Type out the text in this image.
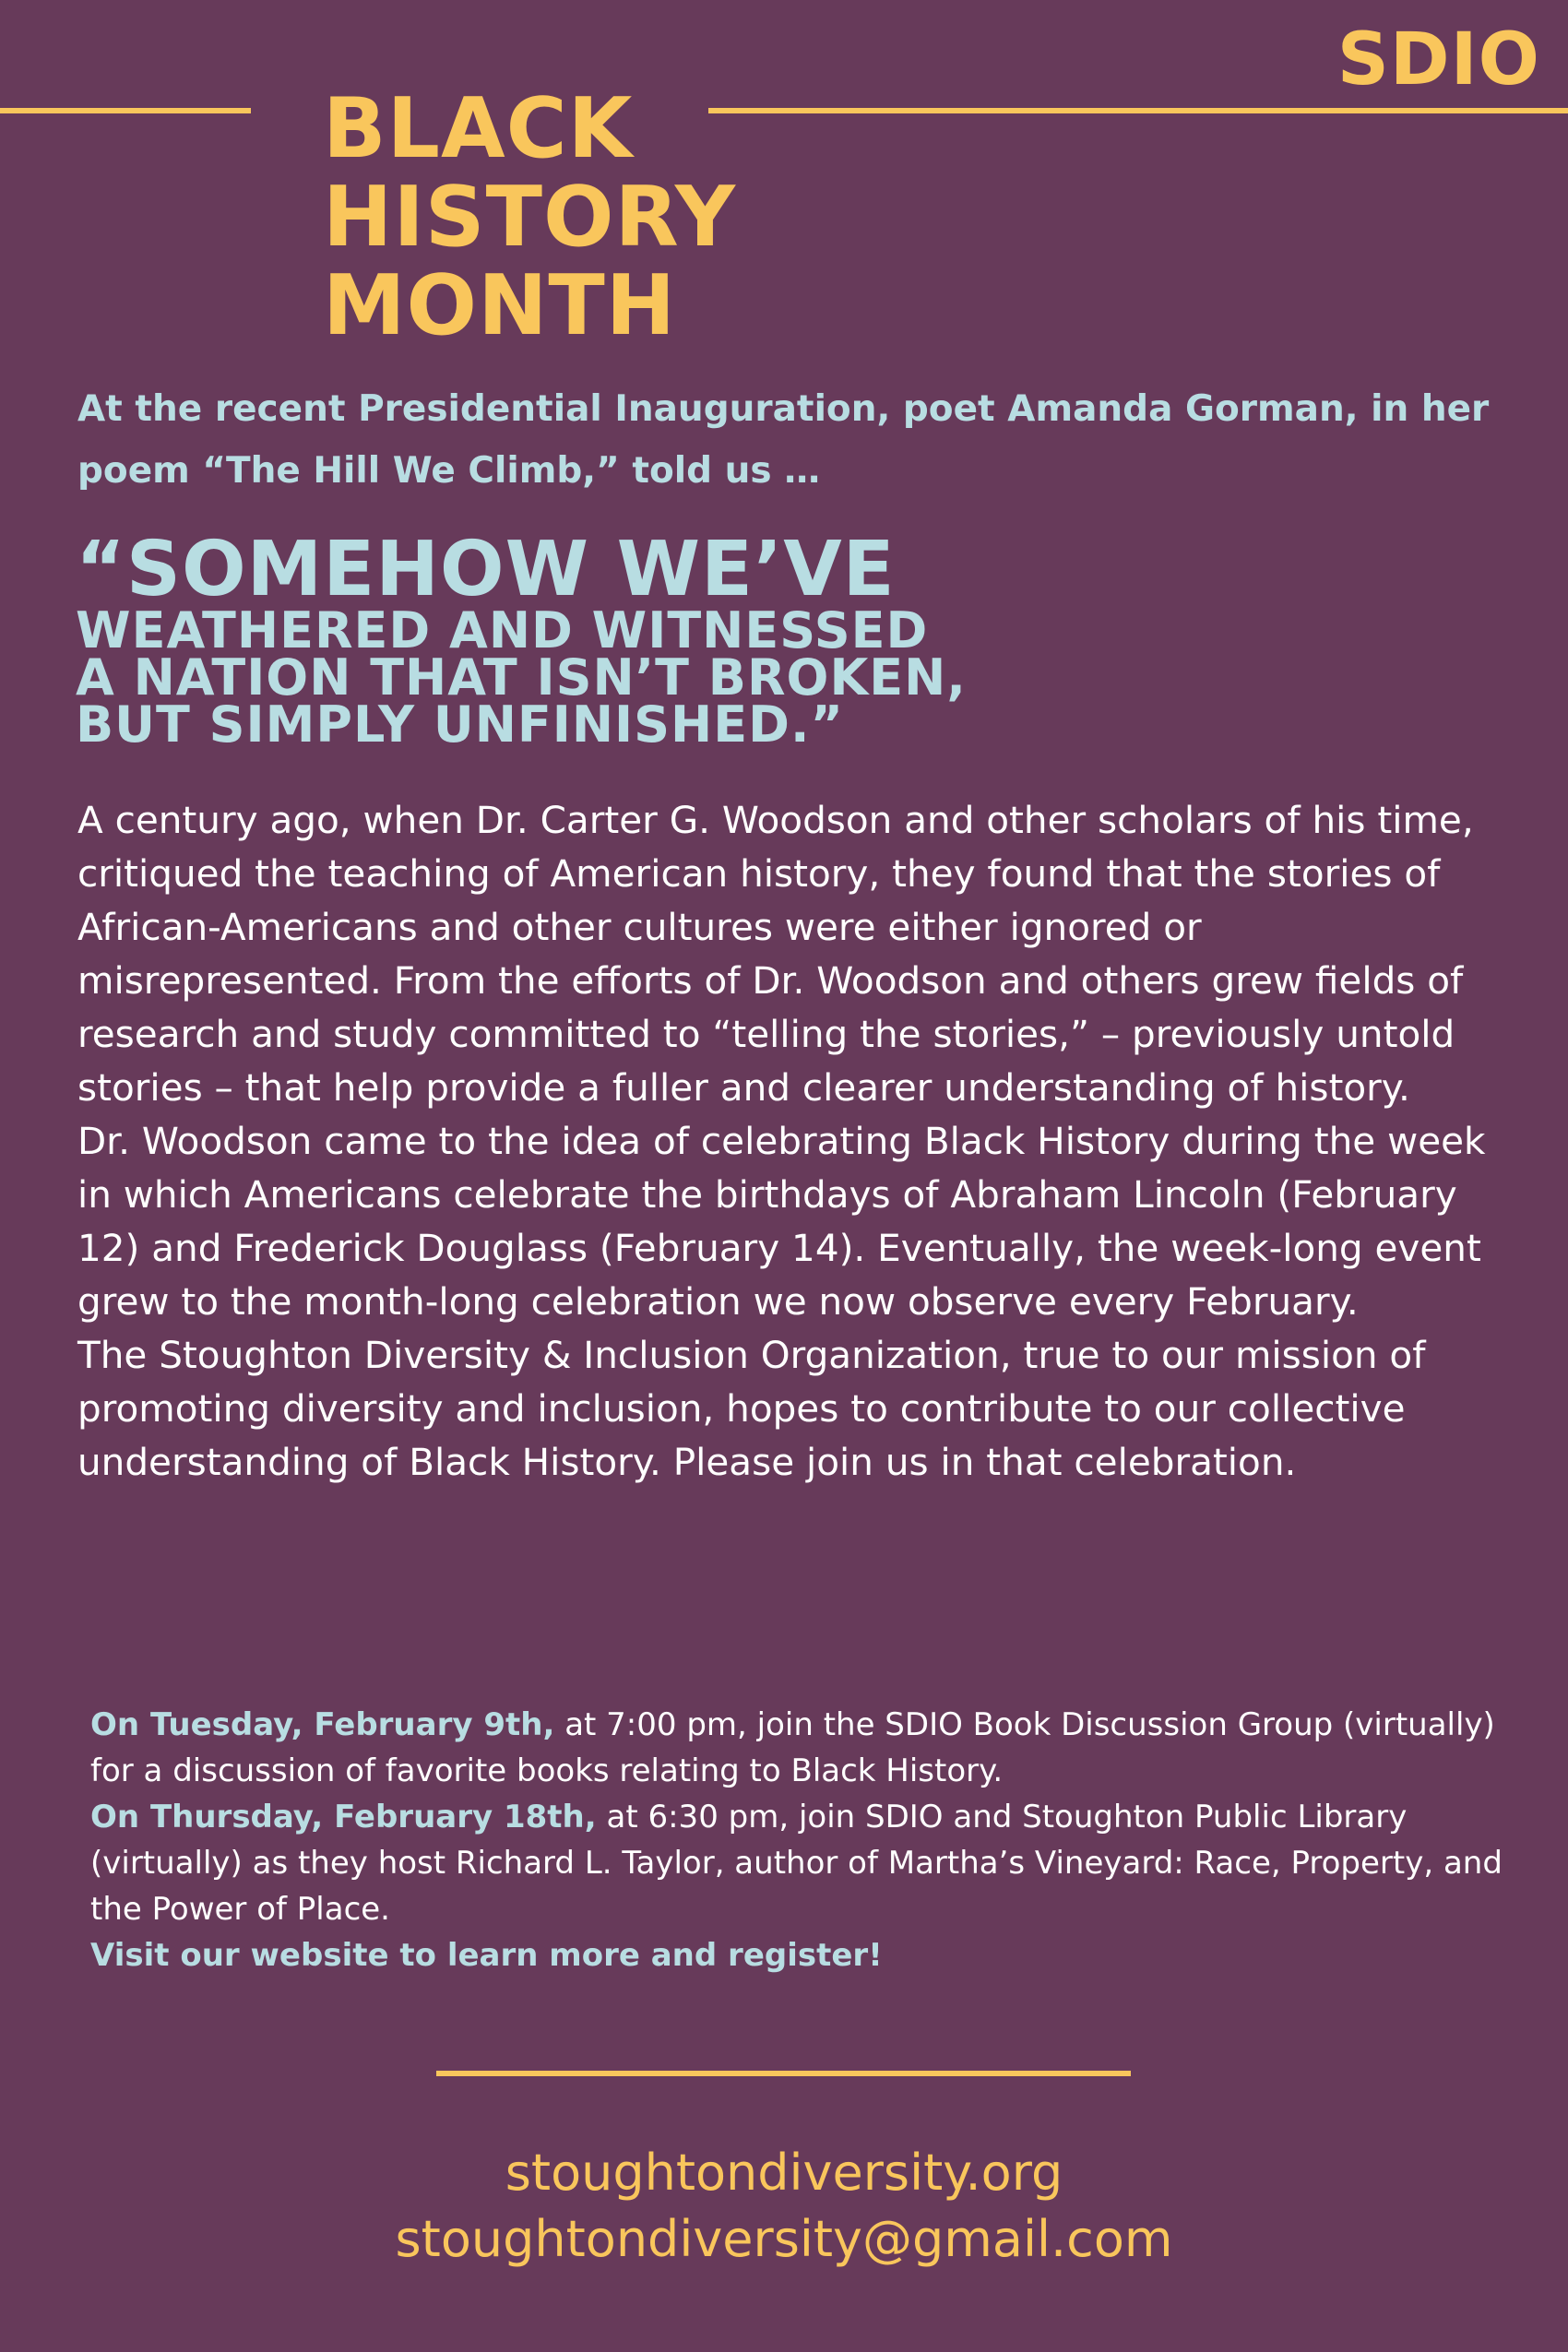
SDIO
BLACK
HISTORY
MONTH
At the recent Presidential Inauguration, poet Amanda Gorman, in her poem “The Hill We Climb,” told us …
“SOMEHOW WE’VE
WEATHERED AND WITNESSED
A NATION THAT ISN’T BROKEN,
BUT SIMPLY UNFINISHED.”

A century ago, when Dr. Carter G. Woodson and other scholars of his time, critiqued the teaching of American history, they found that the stories of African-Americans and other cultures were either ignored or misrepresented. From the efforts of Dr. Woodson and others grew fields of research and study committed to “telling the stories,” – previously untold stories – that help provide a fuller and clearer understanding of history.

Dr. Woodson came to the idea of celebrating Black History during the week in which Americans celebrate the birthdays of Abraham Lincoln (February 12) and Frederick Douglass (February 14). Eventually, the week-long event grew to the month-long celebration we now observe every February.

The Stoughton Diversity & Inclusion Organization, true to our mission of promoting diversity and inclusion, hopes to contribute to our collective understanding of Black History. Please join us in that celebration.

On Tuesday, February 9th, at 7:00 pm, join the SDIO Book Discussion Group (virtually) for a discussion of favorite books relating to Black History.

On Thursday, February 18th, at 6:30 pm, join SDIO and Stoughton Public Library (virtually) as they host Richard L. Taylor, author of Martha’s Vineyard: Race, Property, and the Power of Place.

Visit our website to learn more and register!

stoughtondiversity.org
stoughtondiversity@gmail.com
